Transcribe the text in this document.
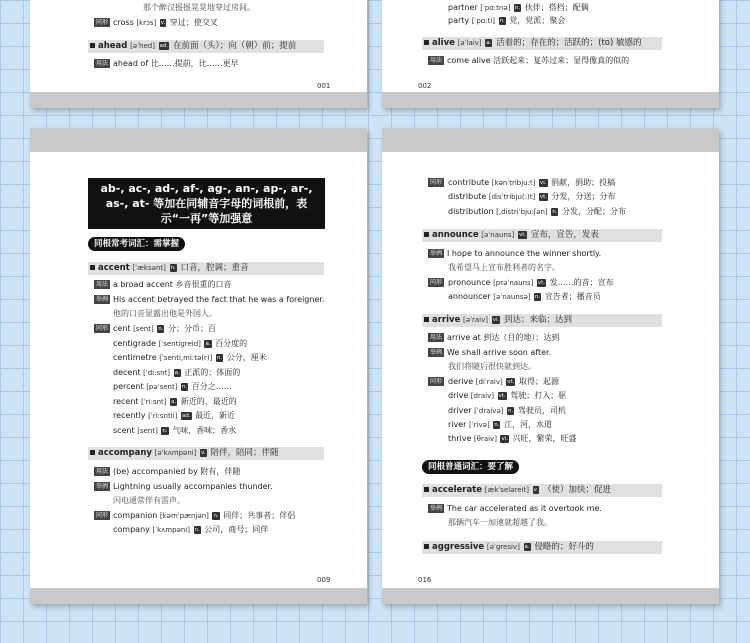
那个醉汉摇摇晃晃地穿过房间。
同形 cross [krɔs] v. 穿过；使交叉
ahead [əˈhed] ad. 在前面（头）；向（朝）前；提前
用法 ahead of 比……提前，比……更早
001
partner [ˈpɑ:tnə] n. 伙伴；搭档；配偶
party [ˈpɑ:ti] n. 党，党派；聚会
alive [əˈlaiv] a. 活着的；存在的；活跃的；(to) 敏感的
用法 come alive 活跃起来；复苏过来；显得像真的似的
002
ab-, ac-, ad-, af-, ag-, an-, ap-, ar-, as-, at- 等加在同辅音字母的词根前，表示“一再”等加强意
同根常考词汇：需掌握
accent [ˈæksənt] n. 口音，腔调；重音
用法 a broad accent 乡音很重的口音
举例 His accent betrayed the fact that he was a foreigner.
他的口音显露出他是外国人。
同形 cent [sent] n. 分；分币；百
centigrade [ˈsentigreid] a. 百分度的
centimetre [ˈsenti,mi:tə(r)] n. 公分，厘米
decent [ˈdi:snt] a. 正派的；体面的
percent [pəˈsent] n. 百分之……
recent [ˈri:snt] a. 新近的、最近的
recently [ˈri:sntli] ad. 最近，新近
scent [sent] n. 气味，香味；香水
accompany [əˈkʌmpəni] v. 陪伴，陪同；伴随
用法 (be) accompanied by 附有，伴随
举例 Lightning usually accompanies thunder.
闪电通常伴有雷声。
同形 companion [kəmˈpænjən] n. 同伴；共事者；伴侣
company [ˈkʌmpəni] n. 公司，商号；同伴
009
同形 contribute [kənˈtribju:t] vi. 捐献，捐助；投稿
distribute [disˈtribju(:)t] vt. 分发，分送；分布
distribution [,distriˈbju:ʃən] n. 分发，分配；分布
announce [əˈnauns] vt. 宣布，宣告，发表
举例 I hope to announce the winner shortly.
我希望马上宣布胜利者的名字。
同形 pronounce [prəˈnauns] vt. 发……的音；宣布
announcer [əˈnaunsə] n. 宣告者；播音员
arrive [əˈraiv] vi. 到达；来临；达到
用法 arrive at 到达（目的地）；达到
举例 We shall arrive soon after.
我们将随后很快就到达。
同形 derive [diˈraiv] vt. 取得；起源
drive [draiv] vt. 驾驶；打入；驱
driver [ˈdraivə] n. 驾驶员，司机
river [ˈrivə] n. 江，河，水道
thrive [θraiv] vi. 兴旺，繁荣，旺盛
同根普通词汇：要了解
accelerate [ækˈseləreit] v. （使）加快；促进
举例 The car accelerated as it overtook me.
那辆汽车一加速就超越了我。
aggressive [əˈgresiv] a. 侵略的；好斗的
016
